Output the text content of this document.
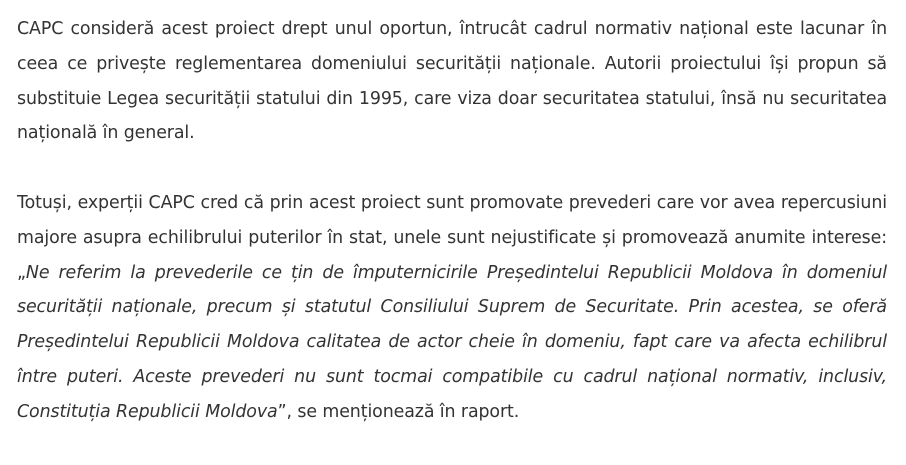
CAPC consideră acest proiect drept unul oportun, întrucât cadrul normativ național este lacunar în ceea ce privește reglementarea domeniului securității naționale. Autorii proiectului își propun să substituie Legea securității statului din 1995, care viza doar securitatea statului, însă nu securitatea națională în general.

Totuși, experții CAPC cred că prin acest proiect sunt promovate prevederi care vor avea repercusiuni majore asupra echilibrului puterilor în stat, unele sunt nejustificate și promovează anumite interese: „Ne referim la prevederile ce țin de împuternicirile Președintelui Republicii Moldova în domeniul securității naționale, precum și statutul Consiliului Suprem de Securitate. Prin acestea, se oferă Președintelui Republicii Moldova calitatea de actor cheie în domeniu, fapt care va afecta echilibrul între puteri. Aceste prevederi nu sunt tocmai compatibile cu cadrul național normativ, inclusiv, Constituția Republicii Moldova”, se menționează în raport.
